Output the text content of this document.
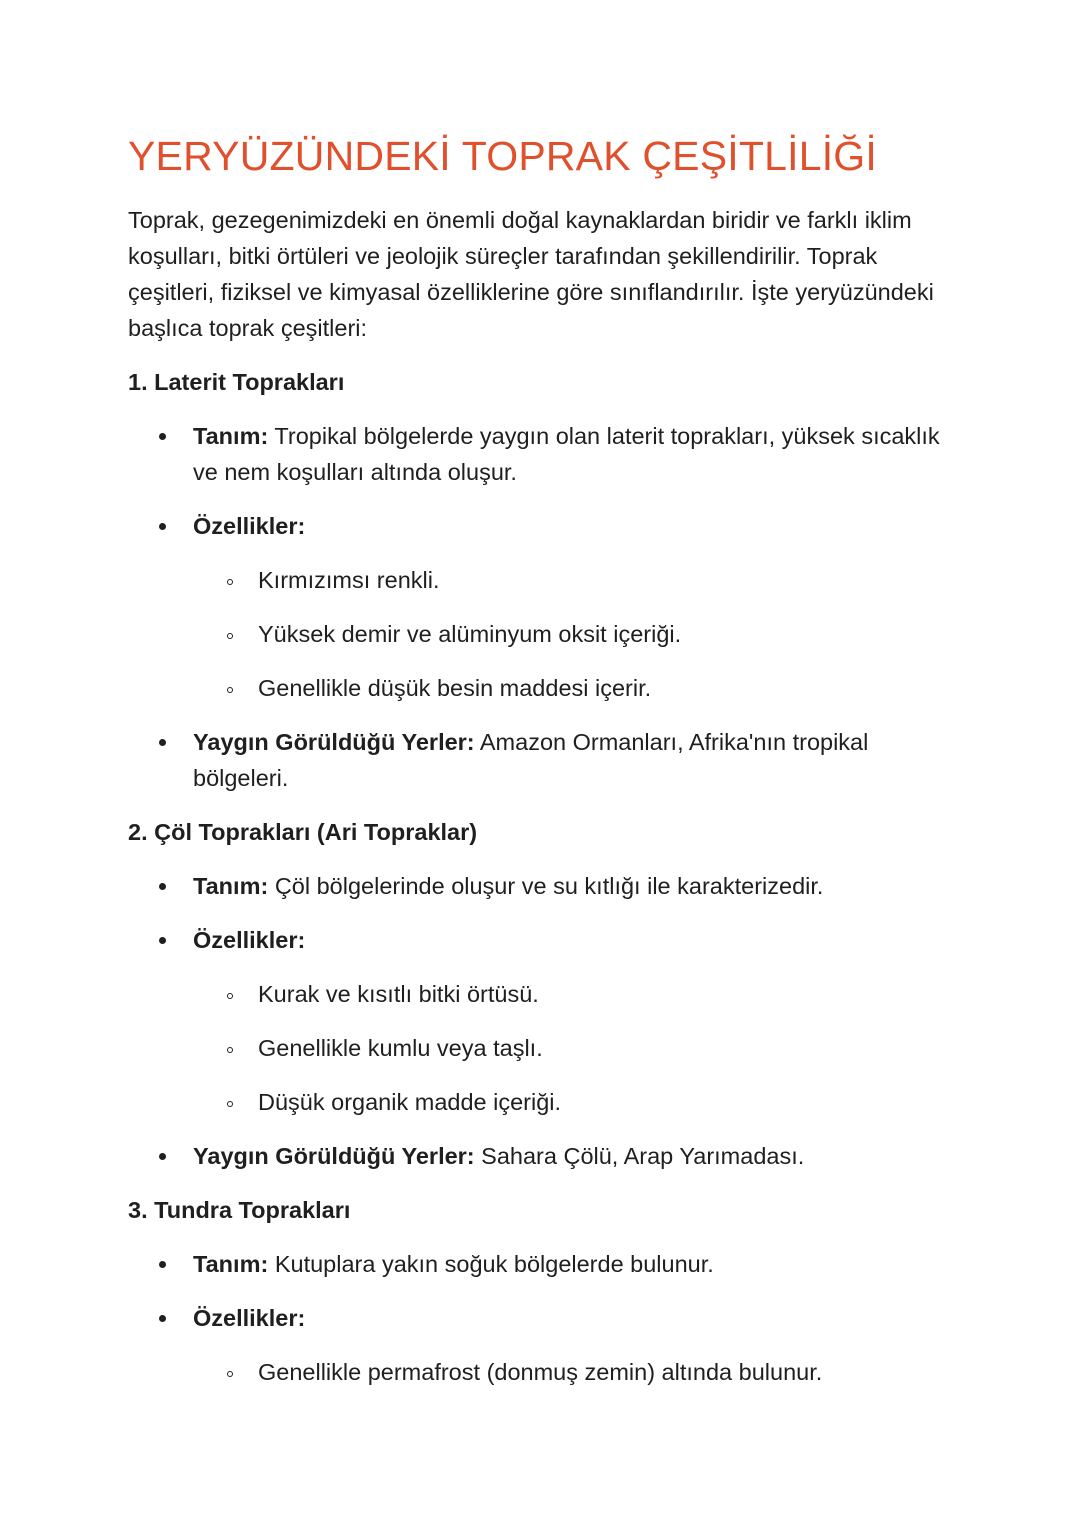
YERYÜZÜNDEKİ TOPRAK ÇEŞİTLİLİĞİ

Toprak, gezegenimizdeki en önemli doğal kaynaklardan biridir ve farklı iklim koşulları, bitki örtüleri ve jeolojik süreçler tarafından şekillendirilir. Toprak çeşitleri, fiziksel ve kimyasal özelliklerine göre sınıflandırılır. İşte yeryüzündeki başlıca toprak çeşitleri:

1. Laterit Toprakları
Tanım: Tropikal bölgelerde yaygın olan laterit toprakları, yüksek sıcaklık ve nem koşulları altında oluşur.
Özellikler:
Kırmızımsı renkli.
Yüksek demir ve alüminyum oksit içeriği.
Genellikle düşük besin maddesi içerir.
Yaygın Görüldüğü Yerler: Amazon Ormanları, Afrika'nın tropikal bölgeleri.
2. Çöl Toprakları (Ari Topraklar)
Tanım: Çöl bölgelerinde oluşur ve su kıtlığı ile karakterizedir.
Özellikler:
Kurak ve kısıtlı bitki örtüsü.
Genellikle kumlu veya taşlı.
Düşük organik madde içeriği.
Yaygın Görüldüğü Yerler: Sahara Çölü, Arap Yarımadası.
3. Tundra Toprakları
Tanım: Kutuplara yakın soğuk bölgelerde bulunur.
Özellikler:
Genellikle permafrost (donmuş zemin) altında bulunur.
